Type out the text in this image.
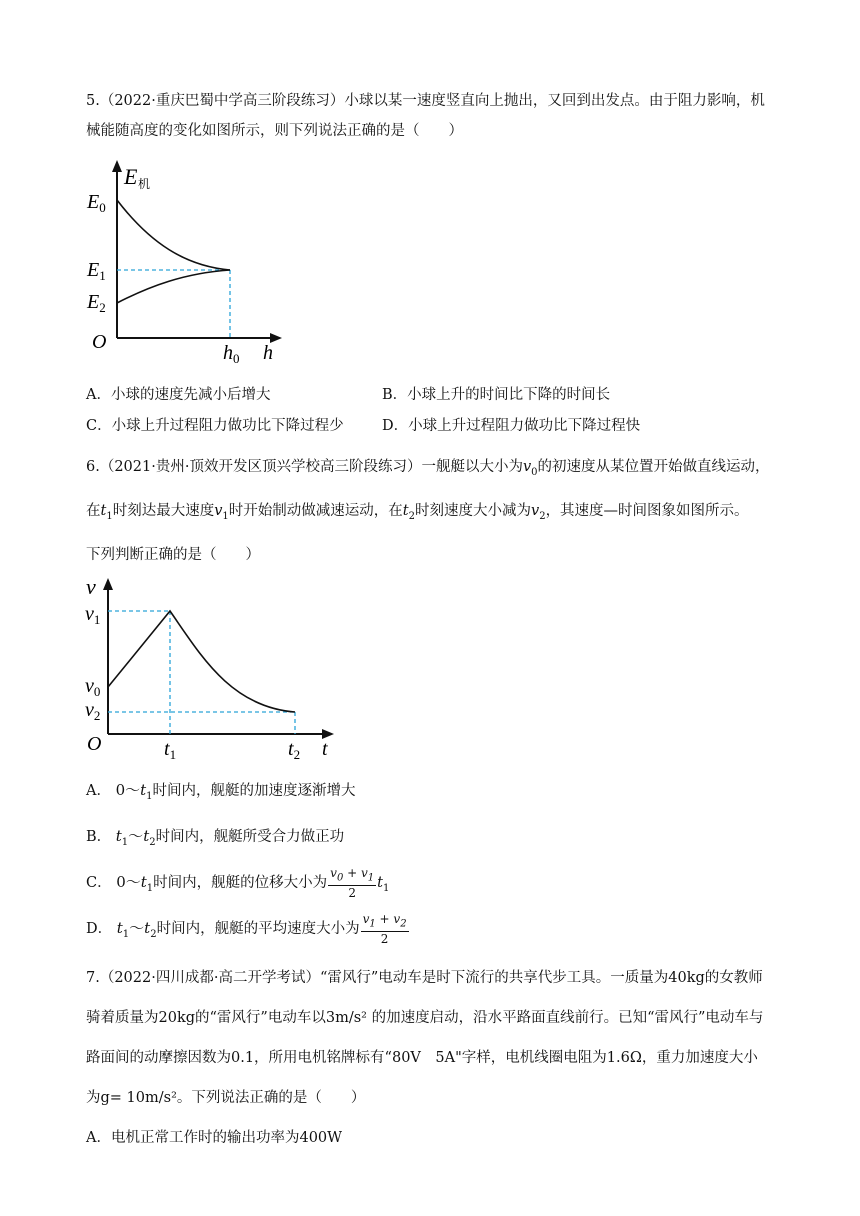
5.（2022·重庆巴蜀中学高三阶段练习）小球以某一速度竖直向上抛出，又回到出发点。由于阻力影响，机械能随高度的变化如图所示，则下列说法正确的是（　　）

E 机
$E_0$
$E_1$
$E_2$
O	$h_0$ h
A．小球的速度先减小后增大	B．小球上升的时间比下降的时间长
C．小球上升过程阻力做功比下降过程少	D．小球上升过程阻力做功比下降过程快

6.（2021·贵州·顶效开发区顶兴学校高三阶段练习）一舰艇以大小为$v_0$的初速度从某位置开始做直线运动，

在$t_1$时刻达最大速度$v_1$时开始制动做减速运动，在$t_2$时刻速度大小减为$v_2$，其速度—时间图象如图所示。

下列判断正确的是（　　）

v
$v_1$
$v_0$
$v_2$
O	$t_1$	$t_2$ t
A． $0\sim t_1$时间内，舰艇的加速度逐渐增大
B． $t_1\sim t_2$时间内，舰艇所受合力做正功
C． $0\sim t_1$时间内，舰艇的位移大小为 $\frac{v_0 + v_1}{2} t_1$
D． $t_1\sim t_2$时间内，舰艇的平均速度大小为 $\frac{v_1 + v_2}{2}$

7.（2022·四川成都·高二开学考试）“雷风行”电动车是时下流行的共享代步工具。一质量为40kg的女教师

骑着质量为20kg的“雷风行”电动车以3m/s² 的加速度启动，沿水平路面直线前行。已知“雷风行”电动车与

路面间的动摩擦因数为0.1，所用电机铭牌标有“80V　5A"字样，电机线圈电阻为1.6Ω，重力加速度大小

为g= 10m/s²。下列说法正确的是（　　）

A．电机正常工作时的输出功率为400W
